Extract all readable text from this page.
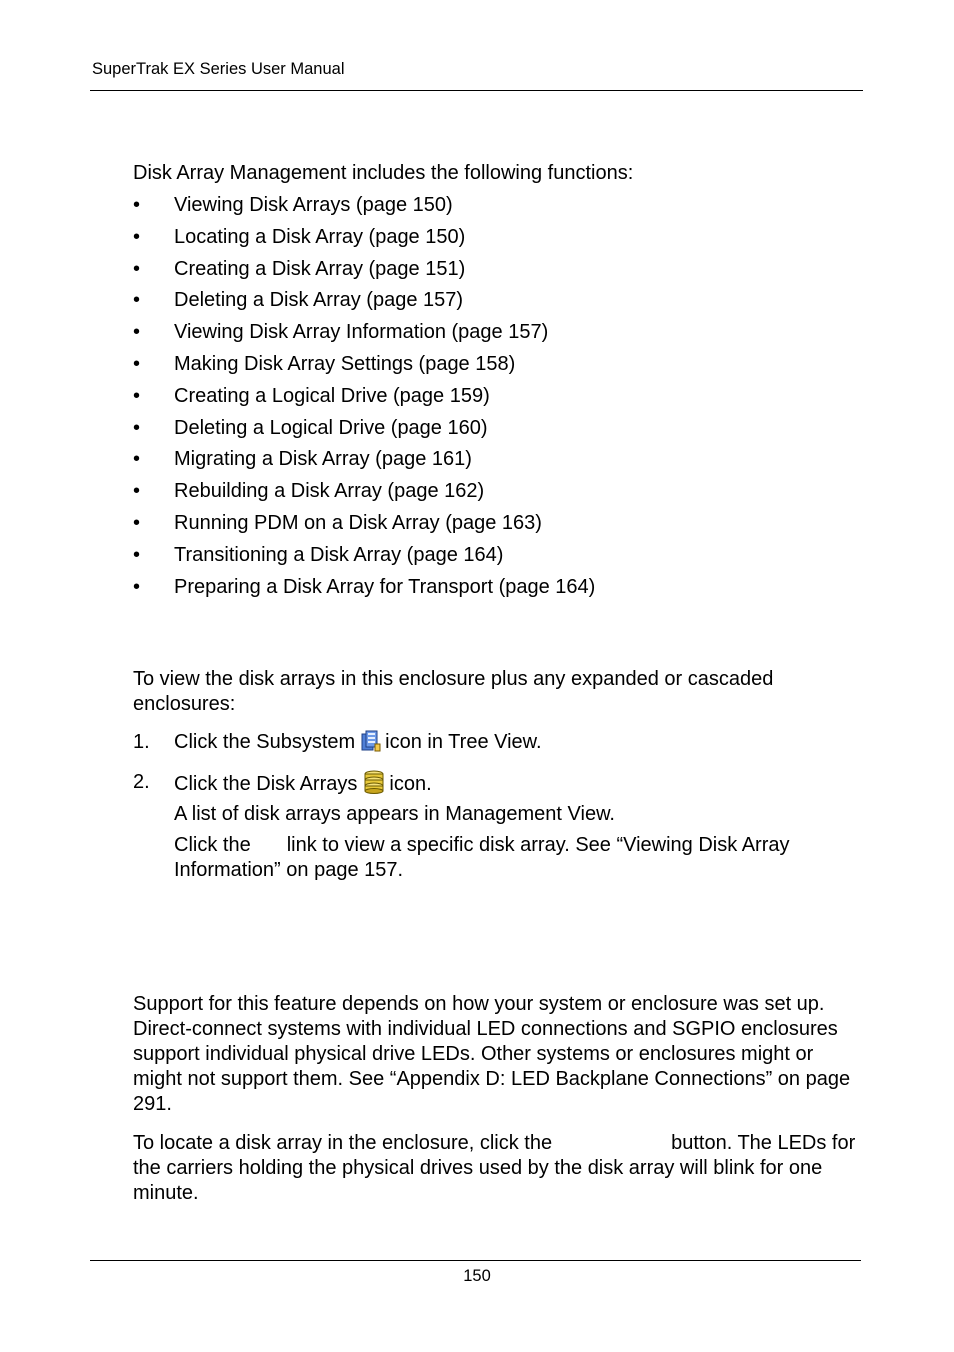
SuperTrak EX Series User Manual
Disk Array Management includes the following functions:
• Viewing Disk Arrays (page 150)
• Locating a Disk Array (page 150)
• Creating a Disk Array (page 151)
• Deleting a Disk Array (page 157)
• Viewing Disk Array Information (page 157)
• Making Disk Array Settings (page 158)
• Creating a Logical Drive (page 159)
• Deleting a Logical Drive (page 160)
• Migrating a Disk Array (page 161)
• Rebuilding a Disk Array (page 162)
• Running PDM on a Disk Array (page 163)
• Transitioning a Disk Array (page 164)
• Preparing a Disk Array for Transport (page 164)
To view the disk arrays in this enclosure plus any expanded or cascaded enclosures:
1. Click the Subsystem icon in Tree View.
2. Click the Disk Arrays icon.
A list of disk arrays appears in Management View.
Click the link to view a specific disk array. See “Viewing Disk Array Information” on page 157.
Support for this feature depends on how your system or enclosure was set up. Direct-connect systems with individual LED connections and SGPIO enclosures support individual physical drive LEDs. Other systems or enclosures might or might not support them. See “Appendix D: LED Backplane Connections” on page 291.
To locate a disk array in the enclosure, click the	button. The LEDs for the carriers holding the physical drives used by the disk array will blink for one minute.
150
